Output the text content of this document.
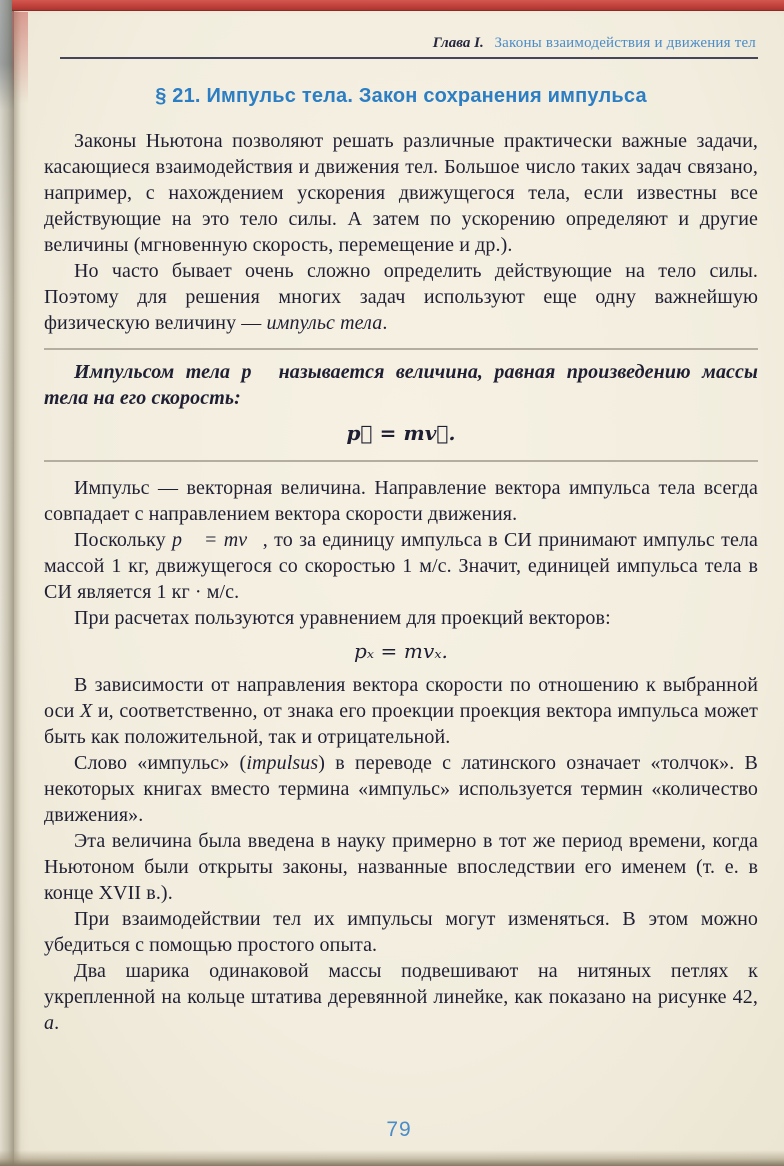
Глава I. Законы взаимодействия и движения тел
§ 21. Импульс тела. Закон сохранения импульса

Законы Ньютона позволяют решать различные практически важные задачи, касающиеся взаимодействия и движения тел. Большое число таких задач связано, например, с нахождением ускорения движущегося тела, если известны все действующие на это тело силы. А затем по ускорению определяют и другие величины (мгновенную скорость, перемещение и др.).

Но часто бывает очень сложно определить действующие на тело силы. Поэтому для решения многих задач используют еще одну важнейшую физическую величину — импульс тела.

Импульсом тела p⃗ называется величина, равная произведению массы тела на его скорость:

p⃗ = mv⃗.

Импульс — векторная величина. Направление вектора импульса тела всегда совпадает с направлением вектора скорости движения.

Поскольку p⃗ = mv⃗, то за единицу импульса в СИ принимают импульс тела массой 1 кг, движущегося со скоростью 1 м/с. Значит, единицей импульса тела в СИ является 1 кг · м/с.

При расчетах пользуются уравнением для проекций векторов:

pₓ = mvₓ.

В зависимости от направления вектора скорости по отношению к выбранной оси X и, соответственно, от знака его проекции проекция вектора импульса может быть как положительной, так и отрицательной.

Слово «импульс» (impulsus) в переводе с латинского означает «толчок». В некоторых книгах вместо термина «импульс» используется термин «количество движения».

Эта величина была введена в науку примерно в тот же период времени, когда Ньютоном были открыты законы, названные впоследствии его именем (т. е. в конце XVII в.).

При взаимодействии тел их импульсы могут изменяться. В этом можно убедиться с помощью простого опыта.

Два шарика одинаковой массы подвешивают на нитяных петлях к укрепленной на кольце штатива деревянной линейке, как показано на рисунке 42, а.

79
